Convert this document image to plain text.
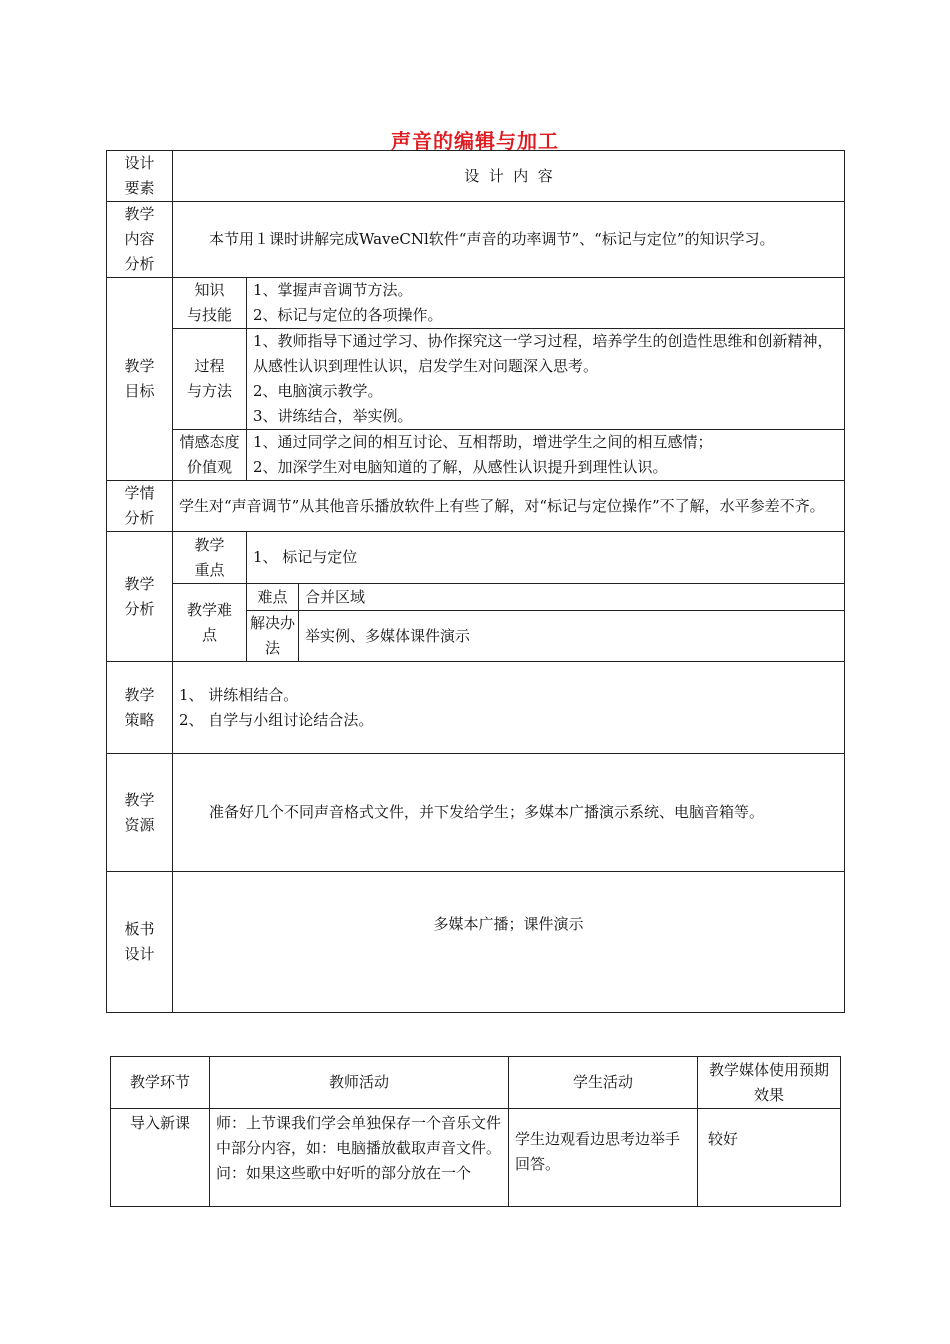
声音的编辑与加工
设计
要素	设  计  内  容		

教学
内容
分析	本节用１课时讲解完成WaveCNl软件“声音的功率调节”、“标记与定位”的知识学习。		

教学
目标	知识
与技能	1、掌握声音调节方法。
2、标记与定位的各项操作。	

	过程
与方法	1、教师指导下通过学习、协作探究这一学习过程，培养学生的创造性思维和创新精神，从感性认识到理性认识，启发学生对问题深入思考。
2、电脑演示教学。
3、讲练结合，举实例。	

	情感态度
价值观	1、通过同学之间的相互讨论、互相帮助，增进学生之间的相互感情；
2、加深学生对电脑知道的了解，从感性认识提升到理性认识。	

学情
分析	学生对“声音调节”从其他音乐播放软件上有些了解，对“标记与定位操作”不了解，水平参差不齐。		

教学
分析	教学
重点	1、 标记与定位	

	教学难
点	难点	合并区域

		解决办
法	举实例、多媒体课件演示

教学
策略	1、 讲练相结合。
2、 自学与小组讨论结合法。		

教学
资源	准备好几个不同声音格式文件，并下发给学生；多媒本广播演示系统、电脑音箱等。		

板书
设计	多媒本广播；课件演示		
教学环节	教师活动	学生活动	教学媒体使用预期效果
导入新课	师：上节课我们学会单独保存一个音乐文件中部分内容，如：电脑播放截取声音文件。
问：如果这些歌中好听的部分放在一个	学生边观看边思考边举手回答。	较好
